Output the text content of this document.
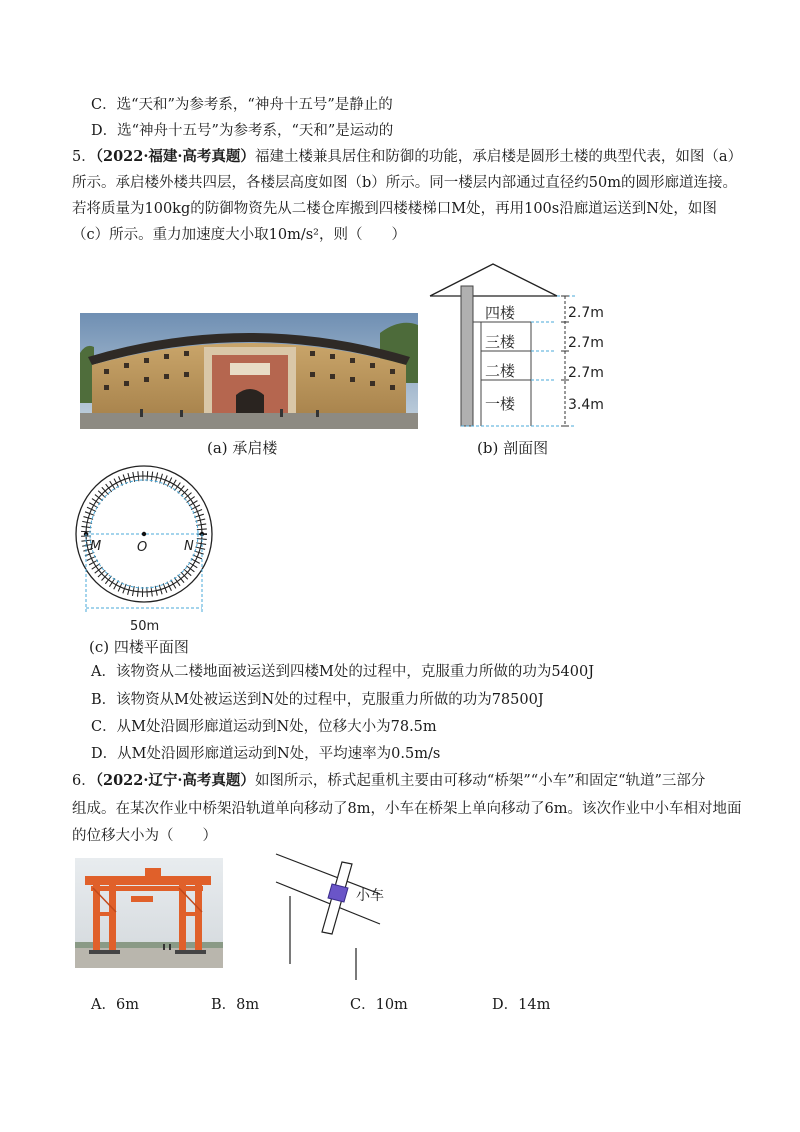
C．选“天和”为参考系，“神舟十五号”是静止的
D．选“神舟十五号”为参考系，“天和”是运动的
5．（2022·福建·高考真题）福建土楼兼具居住和防御的功能，承启楼是圆形土楼的典型代表，如图（a）
所示。承启楼外楼共四层，各楼层高度如图（b）所示。同一楼层内部通过直径约50m的圆形廊道连接。
若将质量为100kg的防御物资先从二楼仓库搬到四楼楼梯口M处，再用100s沿廊道运送到N处，如图
（c）所示。重力加速度大小取10m/s²，则（　　）
(a) 承启楼
四楼
三楼
二楼
一楼
2.7m
2.7m
2.7m
3.4m
(b) 剖面图
M	O	N
50m
(c) 四楼平面图
A．该物资从二楼地面被运送到四楼M处的过程中，克服重力所做的功为5400J
B．该物资从M处被运送到N处的过程中，克服重力所做的功为78500J
C．从M处沿圆形廊道运动到N处，位移大小为78.5m
D．从M处沿圆形廊道运动到N处，平均速率为0.5m/s
6．（2022·辽宁·高考真题）如图所示，桥式起重机主要由可移动“桥架”“小车”和固定“轨道”三部分
组成。在某次作业中桥架沿轨道单向移动了8m，小车在桥架上单向移动了6m。该次作业中小车相对地面
的位移大小为（　　）
小车
A．6m	B．8m	C．10m	D．14m
